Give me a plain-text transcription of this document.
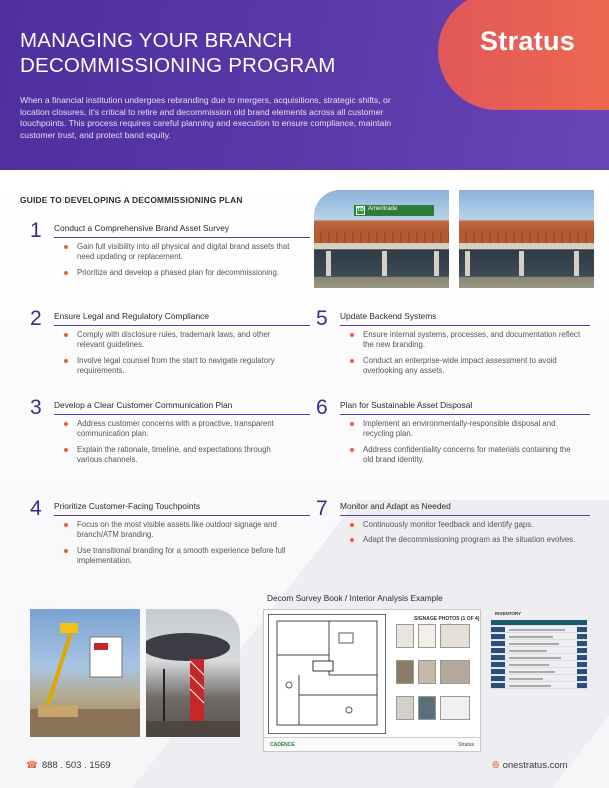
Stratus
MANAGING YOUR BRANCH DECOMMISSIONING PROGRAM
When a financial institution undergoes rebranding due to mergers, acquisitions, strategic shifts, or location closures, it's critical to retire and decommission old brand elements across all customer touchpoints. This process requires careful planning and execution to ensure compliance, maintain customer trust, and protect band equity.
GUIDE TO DEVELOPING A DECOMMISSIONING PLAN
TD Ameritrade
1 Conduct a Comprehensive Brand Asset Survey
Gain full visibility into all physical and digital brand assets that need updating or replacement.
Prioritize and develop a phased plan for decommissioning.
2 Ensure Legal and Regulatory Compliance
Comply with disclosure rules, trademark laws, and other relevant guidelines.
Involve legal counsel from the start to navigate regulatory requirements.
3 Develop a Clear Customer Communication Plan
Address customer concerns with a proactive, transparent communication plan.
Explain the rationale, timeline, and expectations through various channels.
4 Prioritize Customer-Facing Touchpoints
Focus on the most visible assets like outdoor signage and branch/ATM branding.
Use transitional branding for a smooth experience before full implementation.
5 Update Backend Systems
Ensure internal systems, processes, and documentation reflect the new branding.
Conduct an enterprise-wide impact assessment to avoid overlooking any assets.
6 Plan for Sustainable Asset Disposal
Implement an environmentally-responsible disposal and recycling plan.
Address confidentiality concerns for materials containing the old brand identity.
7 Monitor and Adapt as Needed
Continuously monitor feedback and identify gaps.
Adapt the decommissioning program as the situation evolves.
Decom Survey Book / Interior Analysis Example
SIGNAGE PHOTOS (1 OF 4)
CADENCE	Stratus
INVENTORY
☎ 888 . 503 . 1569	🌐︎ onestratus.com
